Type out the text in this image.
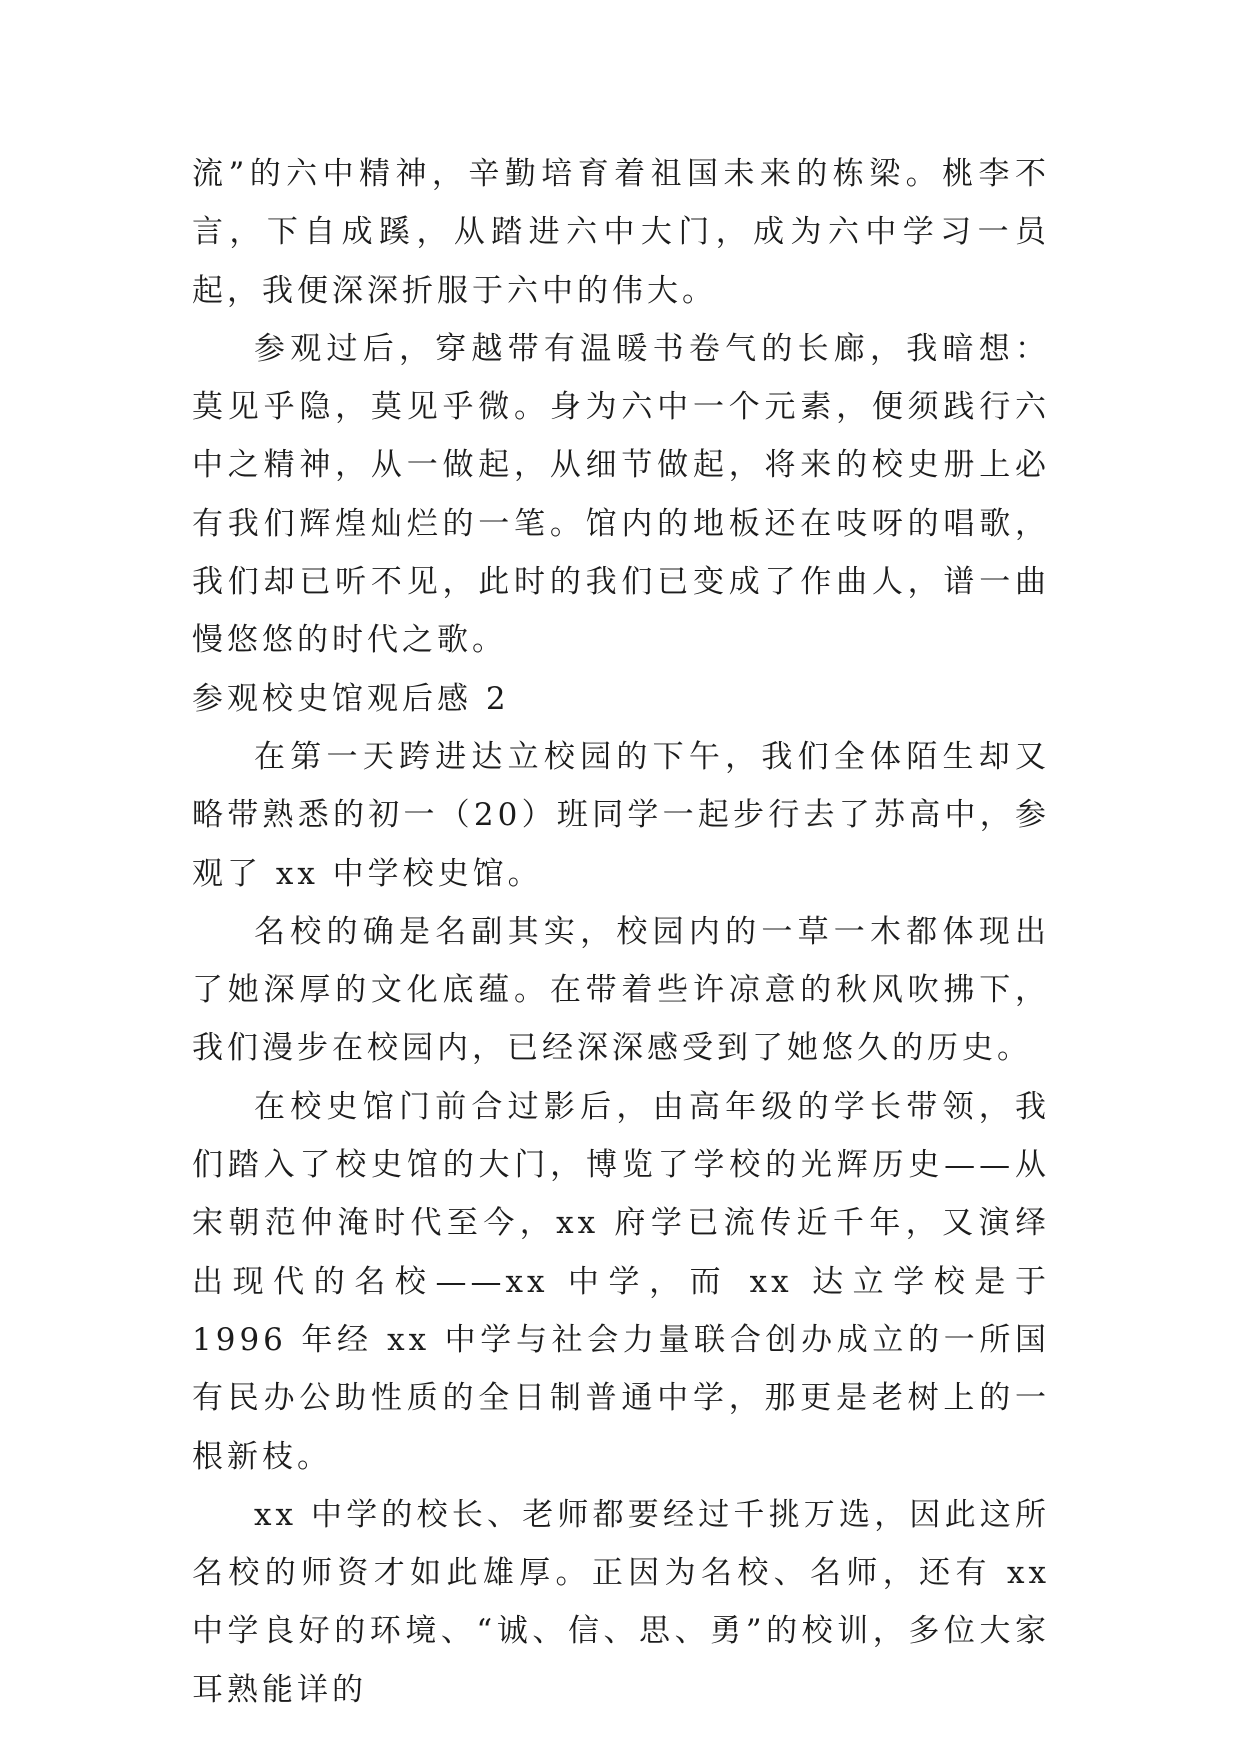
流”的六中精神，辛勤培育着祖国未来的栋梁。桃李不言，下自成蹊，从踏进六中大门，成为六中学习一员起，我便深深折服于六中的伟大。

参观过后，穿越带有温暖书卷气的长廊，我暗想：莫见乎隐，莫见乎微。身为六中一个元素，便须践行六中之精神，从一做起，从细节做起，将来的校史册上必有我们辉煌灿烂的一笔。馆内的地板还在吱呀的唱歌，我们却已听不见，此时的我们已变成了作曲人，谱一曲慢悠悠的时代之歌。

参观校史馆观后感 2

在第一天跨进达立校园的下午，我们全体陌生却又略带熟悉的初一（20）班同学一起步行去了苏高中，参观了 xx 中学校史馆。

名校的确是名副其实，校园内的一草一木都体现出了她深厚的文化底蕴。在带着些许凉意的秋风吹拂下，我们漫步在校园内，已经深深感受到了她悠久的历史。

在校史馆门前合过影后，由高年级的学长带领，我们踏入了校史馆的大门，博览了学校的光辉历史——从宋朝范仲淹时代至今，xx 府学已流传近千年，又演绎出现代的名校——xx 中学，而 xx 达立学校是于 1996 年经 xx 中学与社会力量联合创办成立的一所国有民办公助性质的全日制普通中学，那更是老树上的一根新枝。

xx 中学的校长、老师都要经过千挑万选，因此这所名校的师资才如此雄厚。正因为名校、名师，还有 xx 中学良好的环境、“诚、信、思、勇”的校训，多位大家耳熟能详的
